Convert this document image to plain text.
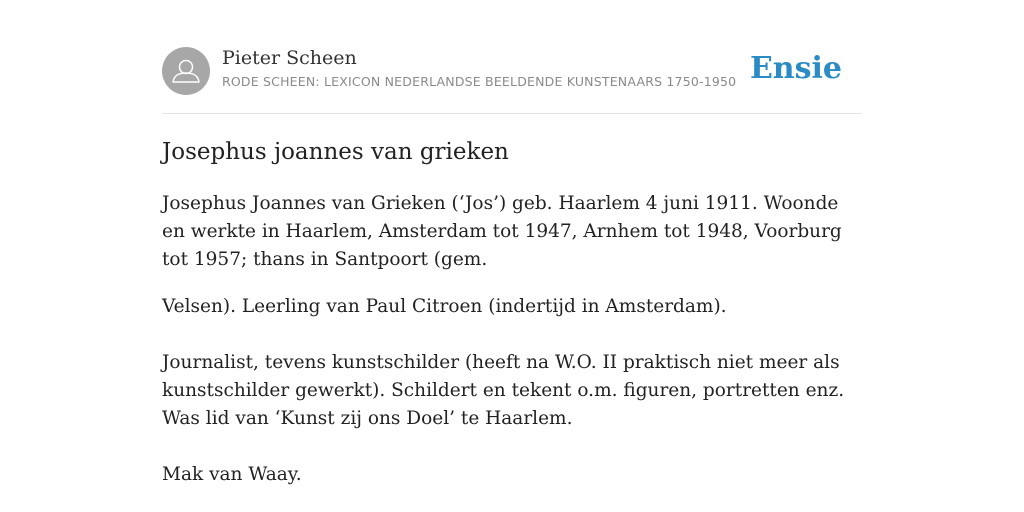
Pieter Scheen
RODE SCHEEN: LEXICON NEDERLANDSE BEELDENDE KUNSTENAARS 1750-1950 Ensie
Josephus joannes van grieken

Josephus Joannes van Grieken (‘Jos’) geb. Haarlem 4 juni 1911. Woonde en werkte in Haarlem, Amsterdam tot 1947, Arnhem tot 1948, Voorburg tot 1957; thans in Santpoort (gem.

Velsen). Leerling van Paul Citroen (indertijd in Amsterdam).

Journalist, tevens kunstschilder (heeft na W.O. II praktisch niet meer als kunstschilder gewerkt). Schildert en tekent o.m. figuren, portretten enz. Was lid van ‘Kunst zij ons Doel’ te Haarlem.

Mak van Waay.
